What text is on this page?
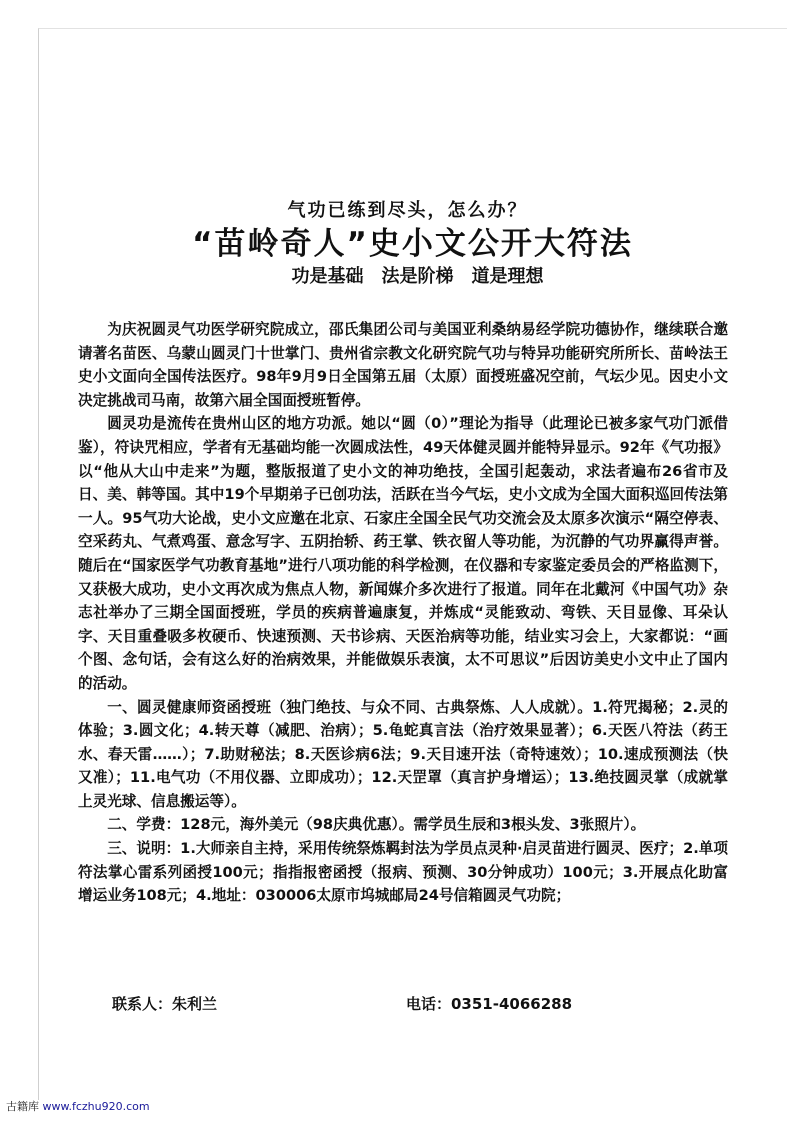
气功已练到尽头，怎么办？
“苗岭奇人”史小文公开大符法
功是基础　法是阶梯　道是理想

为庆祝圆灵气功医学研究院成立，邵氏集团公司与美国亚利桑纳易经学院功德协作，继续联合邀请著名苗医、乌蒙山圆灵门十世掌门、贵州省宗教文化研究院气功与特异功能研究所所长、苗岭法王史小文面向全国传法医疗。98年9月9日全国第五届（太原）面授班盛况空前，气坛少见。因史小文决定挑战司马南，故第六届全国面授班暂停。

圆灵功是流传在贵州山区的地方功派。她以“圆（0）”理论为指导（此理论已被多家气功门派借鉴），符诀咒相应，学者有无基础均能一次圆成法性，49天体健灵圆并能特异显示。92年《气功报》以“他从大山中走来”为题，整版报道了史小文的神功绝技，全国引起轰动，求法者遍布26省市及日、美、韩等国。其中19个早期弟子已创功法，活跃在当今气坛，史小文成为全国大面积巡回传法第一人。95气功大论战，史小文应邀在北京、石家庄全国全民气功交流会及太原多次演示“隔空停表、空采药丸、气煮鸡蛋、意念写字、五阴抬轿、药王掌、铁衣留人等功能，为沉静的气功界赢得声誉。随后在“国家医学气功教育基地”进行八项功能的科学检测，在仪器和专家鉴定委员会的严格监测下，又获极大成功，史小文再次成为焦点人物，新闻媒介多次进行了报道。同年在北戴河《中国气功》杂志社举办了三期全国面授班，学员的疾病普遍康复，并炼成“灵能致动、弯铁、天目显像、耳朵认字、天目重叠吸多枚硬币、快速预测、天书诊病、天医治病等功能，结业实习会上，大家都说：“画个图、念句话，会有这么好的治病效果，并能做娱乐表演，太不可思议”后因访美史小文中止了国内的活动。

一、圆灵健康师资函授班（独门绝技、与众不同、古典祭炼、人人成就）。1.符咒揭秘；2.灵的体验；3.圆文化；4.转天尊（减肥、治病）；5.龟蛇真言法（治疗效果显著）；6.天医八符法（药王水、春天雷……）；7.助财秘法；8.天医诊病6法；9.天目速开法（奇特速效）；10.速成预测法（快又准）；11.电气功（不用仪器、立即成功）；12.天罡罩（真言护身增运）；13.绝技圆灵掌（成就掌上灵光球、信息搬运等）。

二、学费：128元，海外美元（98庆典优惠）。需学员生辰和3根头发、3张照片）。

三、说明：1.大师亲自主持，采用传统祭炼羁封法为学员点灵种·启灵苗进行圆灵、医疗；2.单项符法掌心雷系列函授100元；指指报密函授（报病、预测、30分钟成功）100元；3.开展点化助富增运业务108元；4.地址：030006太原市坞城邮局24号信箱圆灵气功院；

联系人：朱利兰	电话：0351-4066288
古籍库 www.fczhu920.com
